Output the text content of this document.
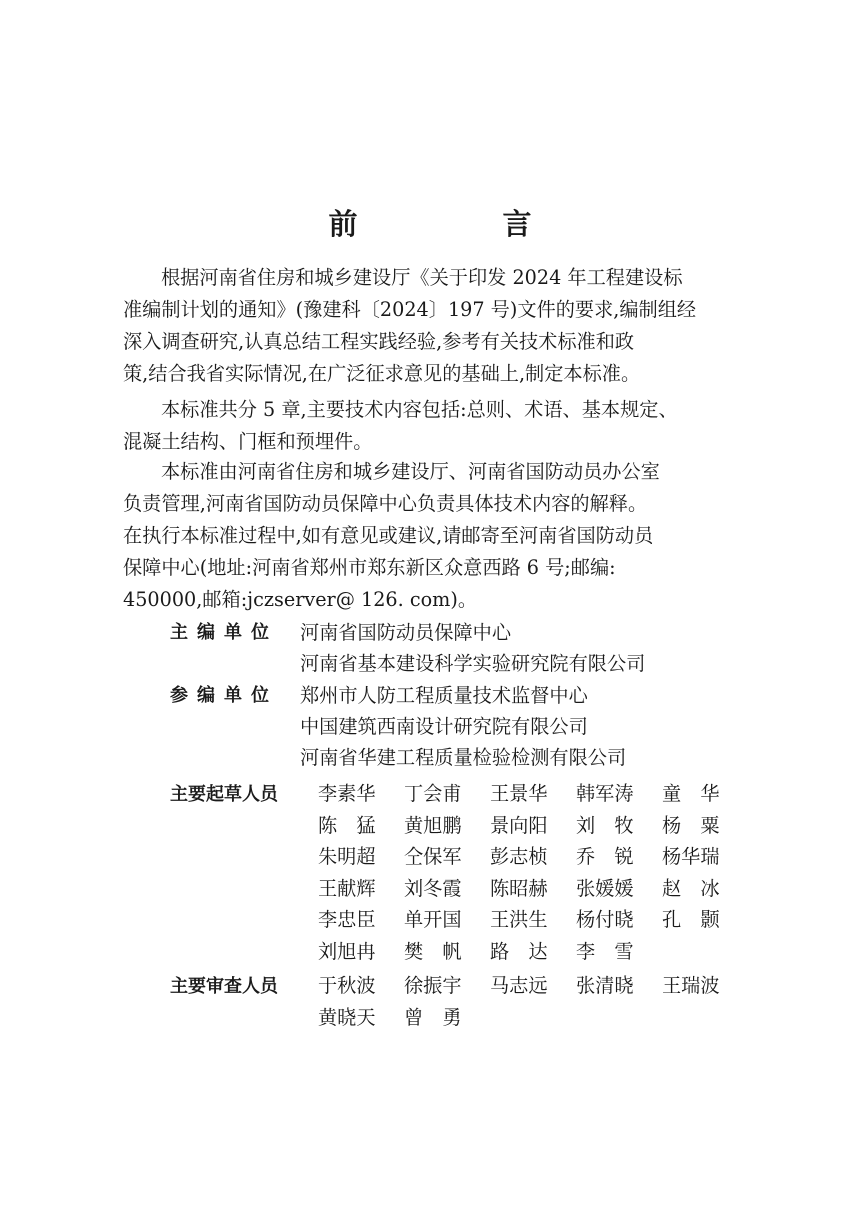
前　言

根据河南省住房和城乡建设厅《关于印发 2024 年工程建设标
准编制计划的通知》(豫建科〔2024〕197 号)文件的要求,编制组经
深入调查研究,认真总结工程实践经验,参考有关技术标准和政
策,结合我省实际情况,在广泛征求意见的基础上,制定本标准。

本标准共分 5 章,主要技术内容包括:总则、术语、基本规定、
混凝土结构、门框和预埋件。

本标准由河南省住房和城乡建设厅、河南省国防动员办公室
负责管理,河南省国防动员保障中心负责具体技术内容的解释。
在执行本标准过程中,如有意见或建议,请邮寄至河南省国防动员
保障中心(地址:河南省郑州市郑东新区众意西路 6 号;邮编:
450000,邮箱:jczserver@ 126. com)。

主编单位	河南省国防动员保障中心
河南省基本建设科学实验研究院有限公司
参编单位	郑州市人防工程质量技术监督中心
中国建筑西南设计研究院有限公司
河南省华建工程质量检验检测有限公司
主要起草人员	李素华	丁会甫	王景华	韩军涛	童　华
陈　猛	黄旭鹏	景向阳	刘　牧	杨　粟
朱明超	仝保军	彭志桢	乔　锐	杨华瑞
王献辉	刘冬霞	陈昭赫	张媛媛	赵　冰
李忠臣	单开国	王洪生	杨付晓	孔　颢
刘旭冉	樊　帆	路　达	李　雪
主要审查人员	于秋波	徐振宇	马志远	张清晓	王瑞波
黄晓天	曾　勇
